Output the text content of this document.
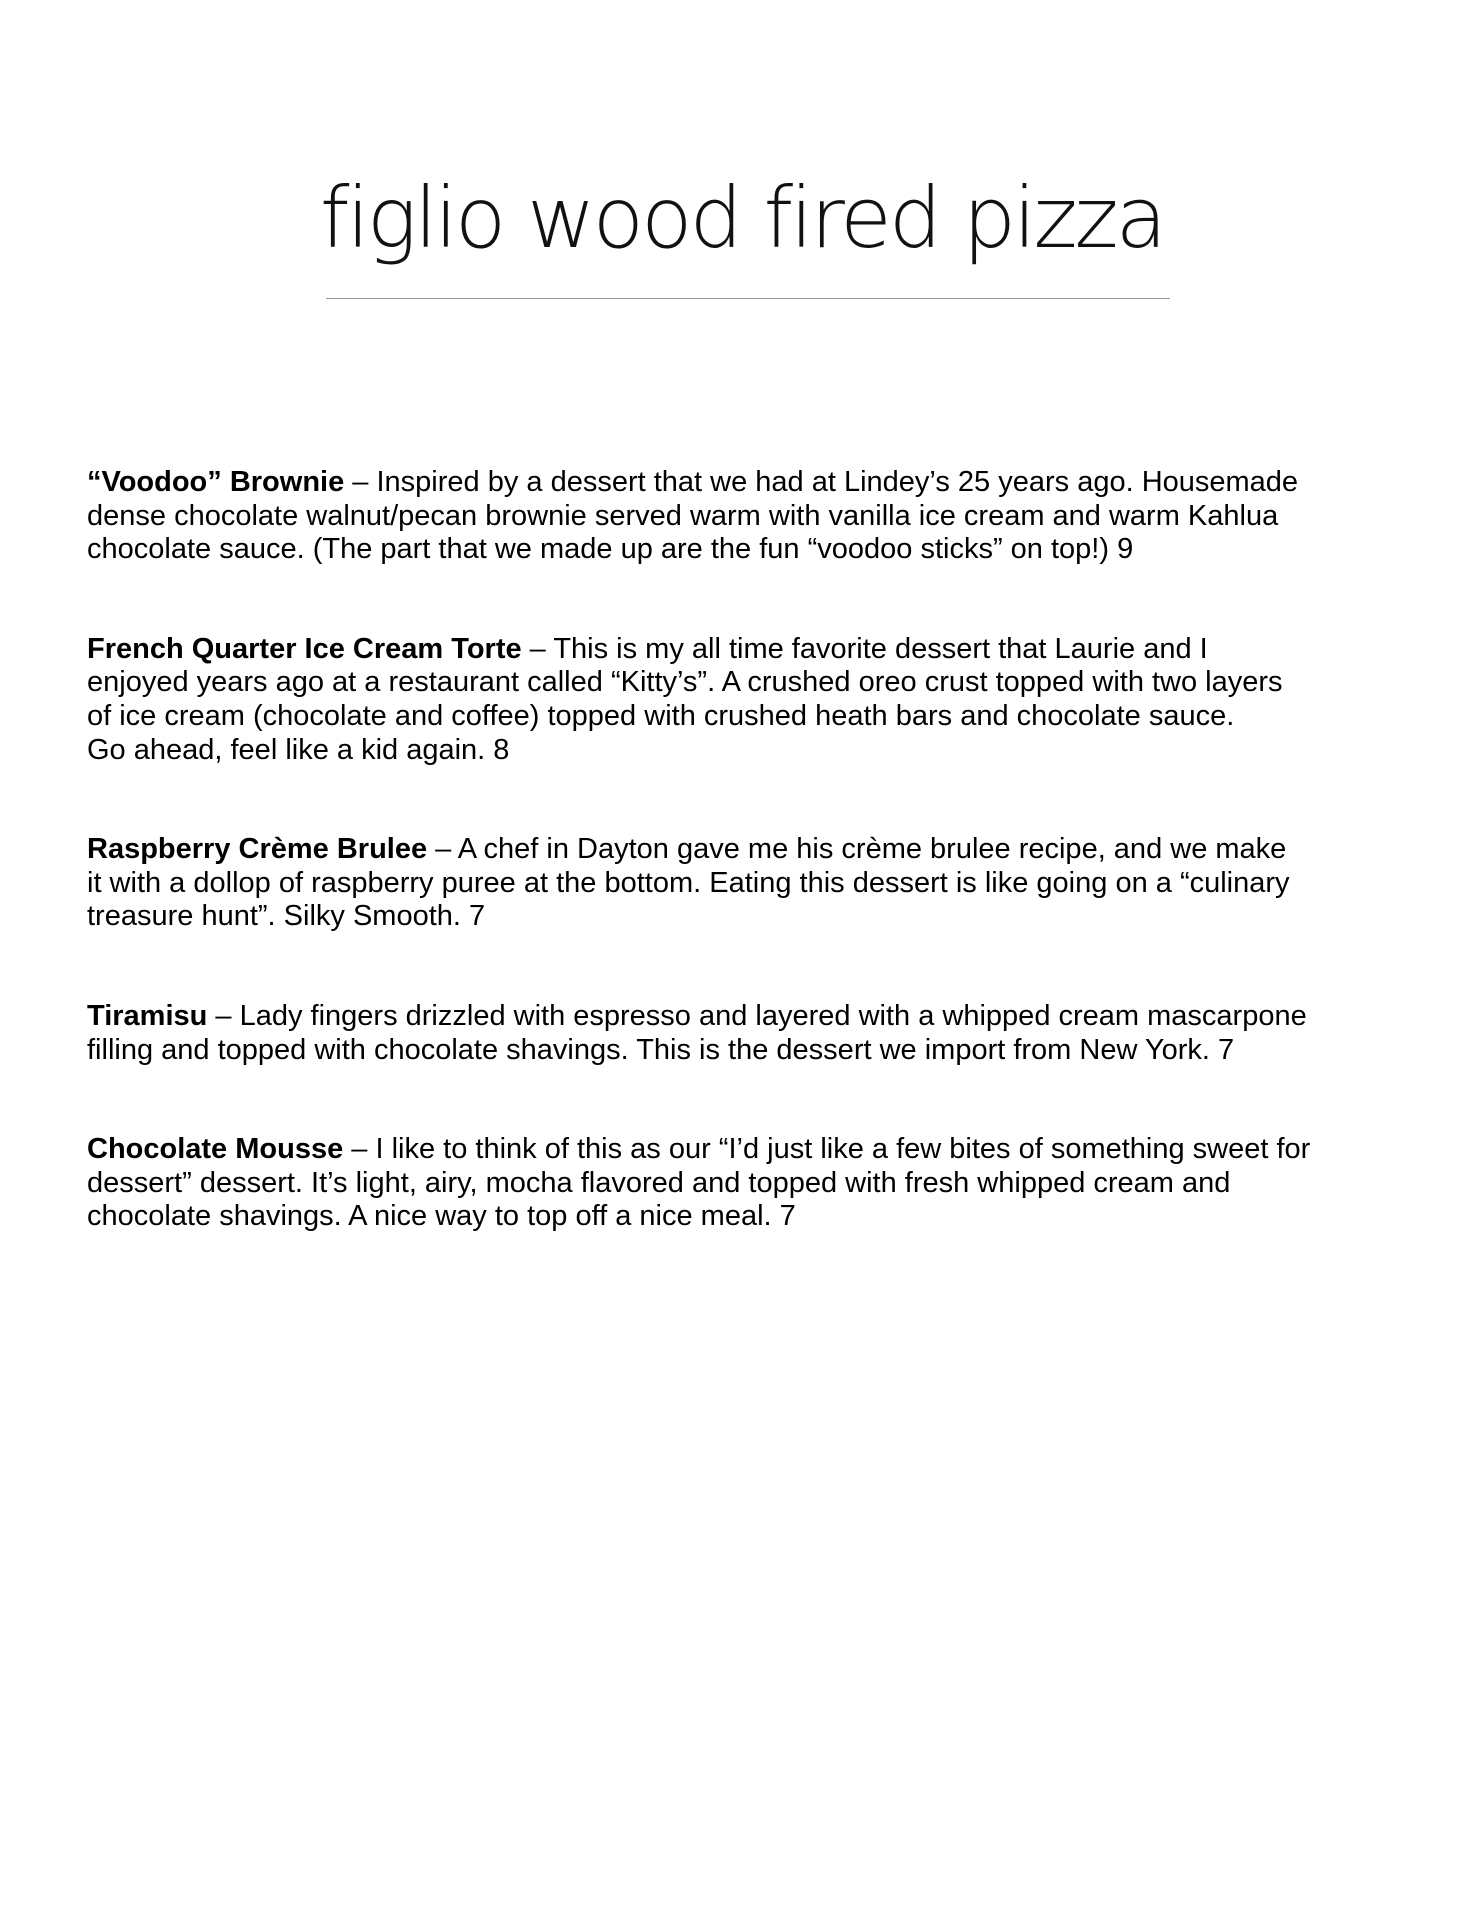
figlio wood fired pizza

“Voodoo” Brownie – Inspired by a dessert that we had at Lindey’s 25 years ago. Housemade
dense chocolate walnut/pecan brownie served warm with vanilla ice cream and warm Kahlua
chocolate sauce. (The part that we made up are the fun “voodoo sticks” on top!) 9

French Quarter Ice Cream Torte – This is my all time favorite dessert that Laurie and I
enjoyed years ago at a restaurant called “Kitty’s”. A crushed oreo crust topped with two layers
of ice cream (chocolate and coffee) topped with crushed heath bars and chocolate sauce.
Go ahead, feel like a kid again. 8

Raspberry Crème Brulee – A chef in Dayton gave me his crème brulee recipe, and we make
it with a dollop of raspberry puree at the bottom. Eating this dessert is like going on a “culinary
treasure hunt”. Silky Smooth. 7

Tiramisu – Lady fingers drizzled with espresso and layered with a whipped cream mascarpone
filling and topped with chocolate shavings. This is the dessert we import from New York. 7

Chocolate Mousse – I like to think of this as our “I’d just like a few bites of something sweet for
dessert” dessert. It’s light, airy, mocha flavored and topped with fresh whipped cream and
chocolate shavings. A nice way to top off a nice meal. 7
